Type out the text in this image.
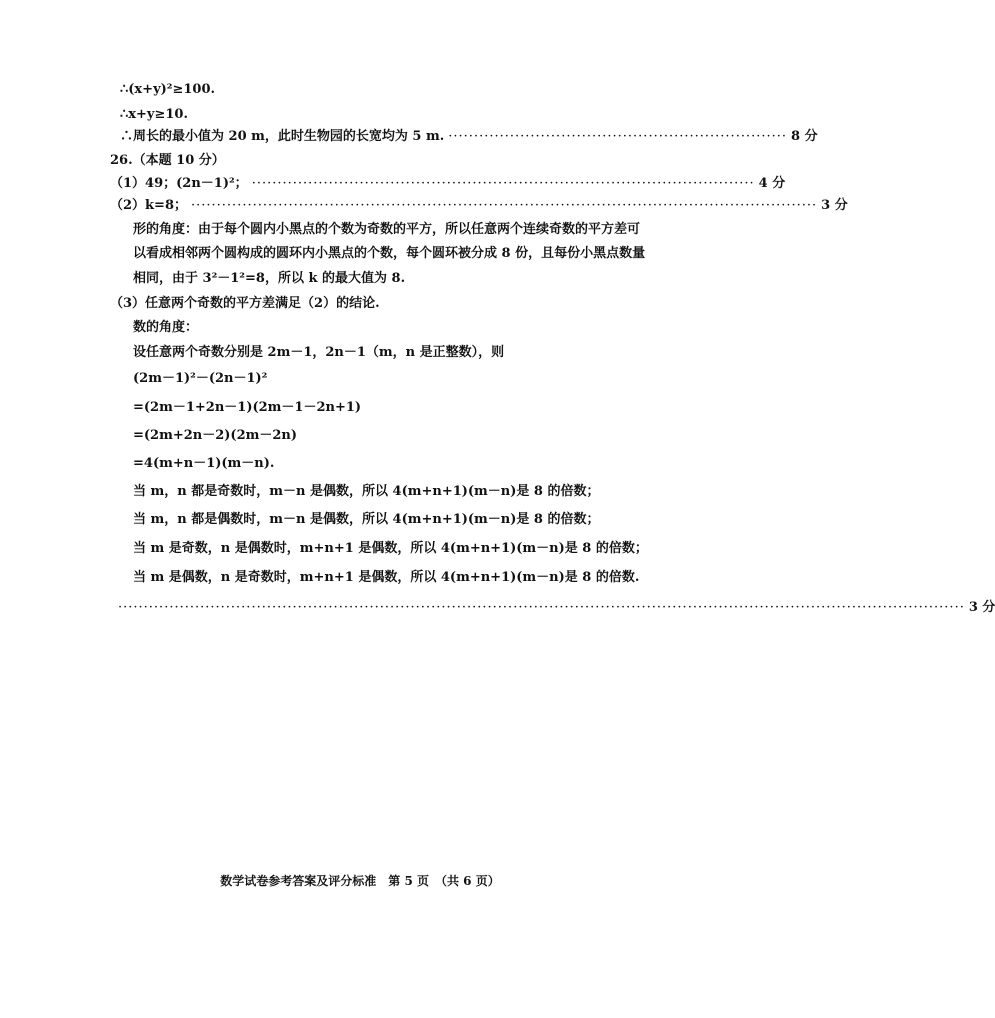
∴(x+y)²≥100.
∴x+y≥10.
∴周长的最小值为 20 m，此时生物园的长宽均为 5 m. ·································································· 8 分
26.（本题 10 分）
（1）49；(2n－1)²； ·································································································· 4 分
（2）k=8； ·························································································································· 3 分
形的角度：由于每个圆内小黑点的个数为奇数的平方，所以任意两个连续奇数的平方差可
以看成相邻两个圆构成的圆环内小黑点的个数，每个圆环被分成 8 份，且每份小黑点数量
相同，由于 3²－1²=8，所以 k 的最大值为 8.
（3）任意两个奇数的平方差满足（2）的结论.
数的角度：
设任意两个奇数分别是 2m－1，2n－1（m，n 是正整数），则
(2m－1)²－(2n－1)²
=(2m－1+2n－1)(2m－1－2n+1)
=(2m+2n－2)(2m－2n)
=4(m+n－1)(m－n).
当 m，n 都是奇数时，m－n 是偶数，所以 4(m+n+1)(m－n)是 8 的倍数；
当 m，n 都是偶数时，m－n 是偶数，所以 4(m+n+1)(m－n)是 8 的倍数；
当 m 是奇数，n 是偶数时，m+n+1 是偶数，所以 4(m+n+1)(m－n)是 8 的倍数；
当 m 是偶数，n 是奇数时，m+n+1 是偶数，所以 4(m+n+1)(m－n)是 8 的倍数.
····································································································································································· 3 分
数学试卷参考答案及评分标准　第 5 页　（共 6 页）
